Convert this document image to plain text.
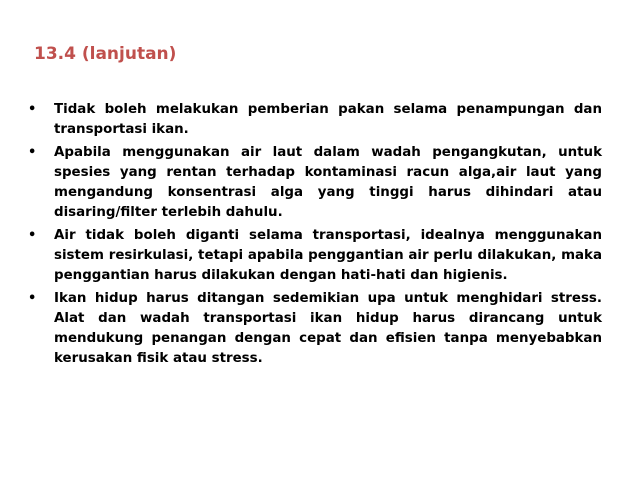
13.4 (lanjutan)
• Tidak boleh melakukan pemberian pakan selama penampungan dan transportasi ikan.
• Apabila menggunakan air laut dalam wadah pengangkutan, untuk spesies yang rentan terhadap kontaminasi racun alga,air laut yang mengandung konsentrasi alga yang tinggi harus dihindari atau disaring/filter terlebih dahulu.
• Air tidak boleh diganti selama transportasi, idealnya menggunakan sistem resirkulasi, tetapi apabila penggantian air perlu dilakukan, maka penggantian harus dilakukan dengan hati-hati dan higienis.
• Ikan hidup harus ditangan sedemikian upa untuk menghidari stress. Alat dan wadah transportasi ikan hidup harus dirancang untuk mendukung penangan dengan cepat dan efisien tanpa menyebabkan kerusakan fisik atau stress.
